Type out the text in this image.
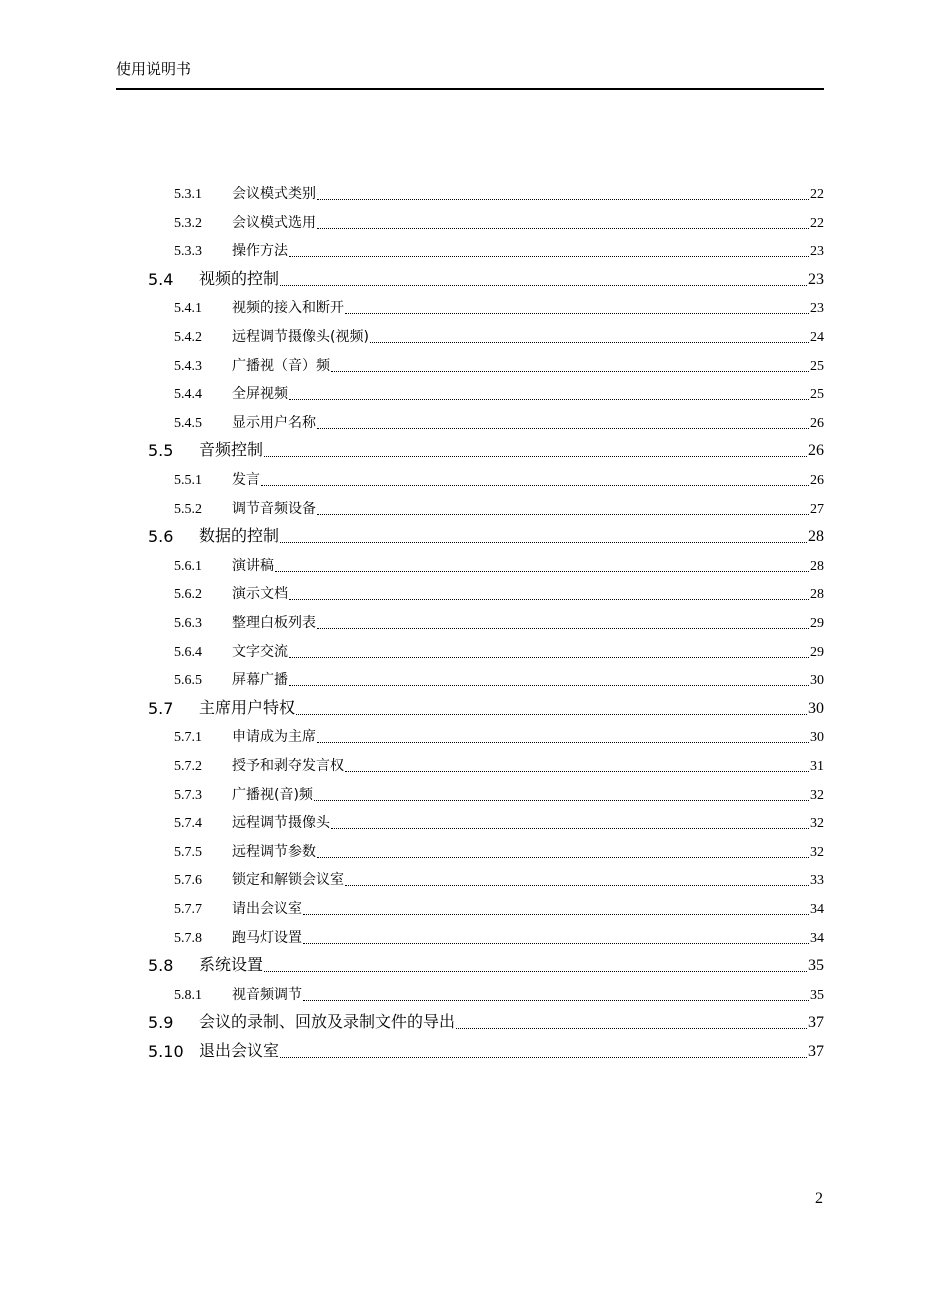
使用说明书
5.3.1	会议模式类别	22
5.3.2	会议模式选用	22
5.3.3	操作方法	23
5.4	视频的控制	23
5.4.1	视频的接入和断开	23
5.4.2	远程调节摄像头(视频)	24
5.4.3	广播视（音）频	25
5.4.4	全屏视频	25
5.4.5	显示用户名称	26
5.5	音频控制	26
5.5.1	发言	26
5.5.2	调节音频设备	27
5.6	数据的控制	28
5.6.1	演讲稿	28
5.6.2	演示文档	28
5.6.3	整理白板列表	29
5.6.4	文字交流	29
5.6.5	屏幕广播	30
5.7	主席用户特权	30
5.7.1	申请成为主席	30
5.7.2	授予和剥夺发言权	31
5.7.3	广播视(音)频	32
5.7.4	远程调节摄像头	32
5.7.5	远程调节参数	32
5.7.6	锁定和解锁会议室	33
5.7.7	请出会议室	34
5.7.8	跑马灯设置	34
5.8	系统设置	35
5.8.1	视音频调节	35
5.9	会议的录制、回放及录制文件的导出	37
5.10 退出会议室	37
2
